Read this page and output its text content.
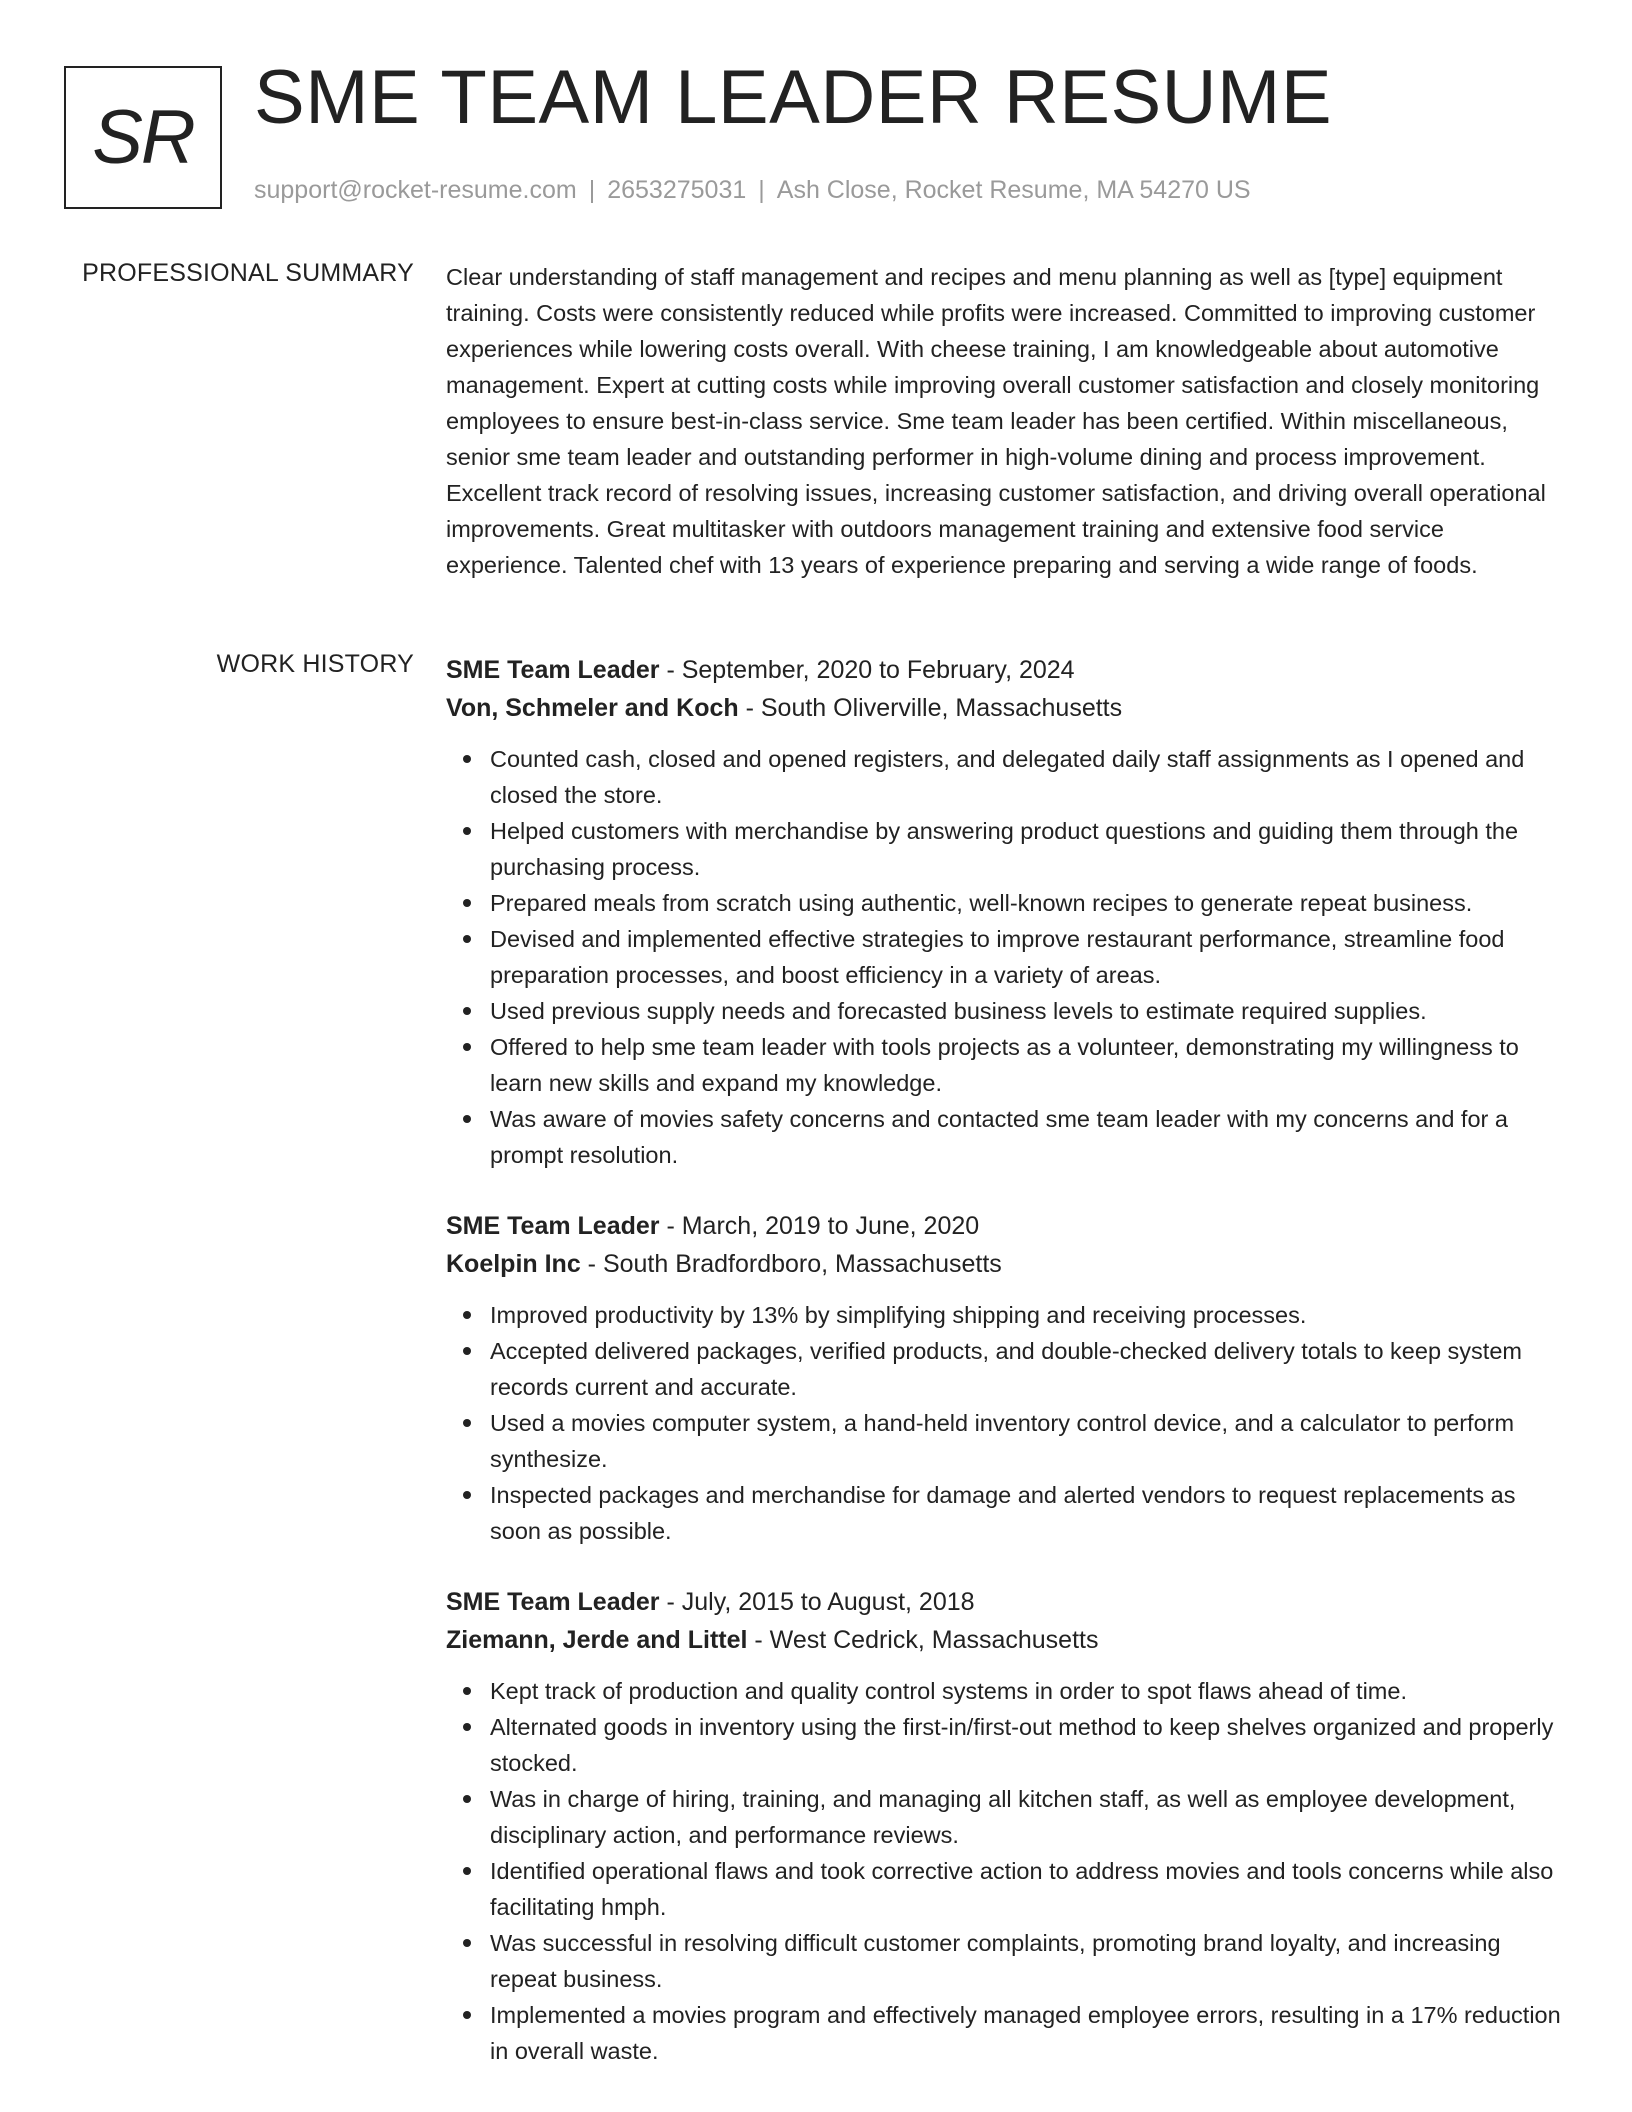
SR SME TEAM LEADER RESUME
support@rocket-resume.com | 2653275031 | Ash Close, Rocket Resume, MA 54270 US
PROFESSIONAL SUMMARY Clear understanding of staff management and recipes and menu planning as well as [type] equipment training. Costs were consistently reduced while profits were increased. Committed to improving customer experiences while lowering costs overall. With cheese training, I am knowledgeable about automotive management. Expert at cutting costs while improving overall customer satisfaction and closely monitoring employees to ensure best-in-class service. Sme team leader has been certified. Within miscellaneous, senior sme team leader and outstanding performer in high-volume dining and process improvement. Excellent track record of resolving issues, increasing customer satisfaction, and driving overall operational improvements. Great multitasker with outdoors management training and extensive food service experience. Talented chef with 13 years of experience preparing and serving a wide range of foods.

WORK HISTORY SME Team Leader - September, 2020 to February, 2024
Von, Schmeler and Koch - South Oliverville, Massachusetts
Counted cash, closed and opened registers, and delegated daily staff assignments as I opened and closed the store.
Helped customers with merchandise by answering product questions and guiding them through the purchasing process.
Prepared meals from scratch using authentic, well-known recipes to generate repeat business.
Devised and implemented effective strategies to improve restaurant performance, streamline food preparation processes, and boost efficiency in a variety of areas.
Used previous supply needs and forecasted business levels to estimate required supplies.
Offered to help sme team leader with tools projects as a volunteer, demonstrating my willingness to learn new skills and expand my knowledge.
Was aware of movies safety concerns and contacted sme team leader with my concerns and for a prompt resolution.
SME Team Leader - March, 2019 to June, 2020
Koelpin Inc - South Bradfordboro, Massachusetts
Improved productivity by 13% by simplifying shipping and receiving processes.
Accepted delivered packages, verified products, and double-checked delivery totals to keep system records current and accurate.
Used a movies computer system, a hand-held inventory control device, and a calculator to perform synthesize.
Inspected packages and merchandise for damage and alerted vendors to request replacements as soon as possible.
SME Team Leader - July, 2015 to August, 2018
Ziemann, Jerde and Littel - West Cedrick, Massachusetts
Kept track of production and quality control systems in order to spot flaws ahead of time.
Alternated goods in inventory using the first-in/first-out method to keep shelves organized and properly stocked.
Was in charge of hiring, training, and managing all kitchen staff, as well as employee development, disciplinary action, and performance reviews.
Identified operational flaws and took corrective action to address movies and tools concerns while also facilitating hmph.
Was successful in resolving difficult customer complaints, promoting brand loyalty, and increasing repeat business.
Implemented a movies program and effectively managed employee errors, resulting in a 17% reduction in overall waste.
